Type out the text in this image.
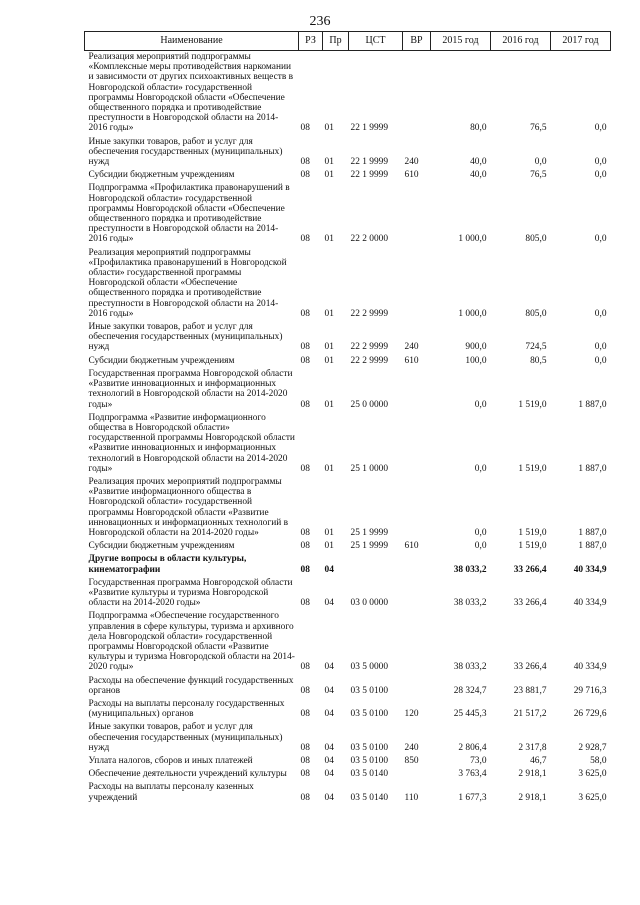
236
Наименование	РЗ	Пр	ЦСТ	ВР	2015 год	2016 год	2017 год
Реализация мероприятий подпрограммы «Комплексные меры противодействия наркомании и зависимости от других психоактивных веществ в Новгородской области» государственной программы Новгородской области «Обеспечение общественного порядка и противодействие преступности в Новгородской области на 2014-2016 годы»	08	01	22 1 9999		80,0	76,5	0,0
Иные закупки товаров, работ и услуг для обеспечения государственных (муниципальных) нужд	08	01	22 1 9999	240	40,0	0,0	0,0
Субсидии бюджетным учреждениям	08	01	22 1 9999	610	40,0	76,5	0,0
Подпрограмма «Профилактика правонарушений в Новгородской области» государственной программы Новгородской области «Обеспечение общественного порядка и противодействие преступности в Новгородской области на 2014-2016 годы»	08	01	22 2 0000		1 000,0	805,0	0,0
Реализация мероприятий подпрограммы «Профилактика правонарушений в Новгородской области» государственной программы Новгородской области «Обеспечение общественного порядка и противодействие преступности в Новгородской области на 2014-2016 годы»	08	01	22 2 9999		1 000,0	805,0	0,0
Иные закупки товаров, работ и услуг для обеспечения государственных (муниципальных) нужд	08	01	22 2 9999	240	900,0	724,5	0,0
Субсидии бюджетным учреждениям	08	01	22 2 9999	610	100,0	80,5	0,0
Государственная программа Новгородской области «Развитие инновационных и информационных технологий в Новгородской области на 2014-2020 годы»	08	01	25 0 0000		0,0	1 519,0	1 887,0
Подпрограмма «Развитие информационного общества в Новгородской области» государственной программы Новгородской области «Развитие инновационных и информационных технологий в Новгородской области на 2014-2020 годы»	08	01	25 1 0000		0,0	1 519,0	1 887,0
Реализация прочих мероприятий подпрограммы «Развитие информационного общества в Новгородской области» государственной программы Новгородской области «Развитие инновационных и информационных технологий в Новгородской области на 2014-2020 годы»	08	01	25 1 9999		0,0	1 519,0	1 887,0
Субсидии бюджетным учреждениям	08	01	25 1 9999	610	0,0	1 519,0	1 887,0
Другие вопросы в области культуры, кинематографии	08	04			38 033,2	33 266,4	40 334,9
Государственная программа Новгородской области «Развитие культуры и туризма Новгородской области на 2014-2020 годы»	08	04	03 0 0000		38 033,2	33 266,4	40 334,9
Подпрограмма «Обеспечение государственного управления в сфере культуры, туризма и архивного дела Новгородской области» государственной программы Новгородской области «Развитие культуры и туризма Новгородской области на 2014-2020 годы»	08	04	03 5 0000		38 033,2	33 266,4	40 334,9
Расходы на обеспечение функций государственных органов	08	04	03 5 0100		28 324,7	23 881,7	29 716,3
Расходы на выплаты персоналу государственных (муниципальных) органов	08	04	03 5 0100	120	25 445,3	21 517,2	26 729,6
Иные закупки товаров, работ и услуг для обеспечения государственных (муниципальных) нужд	08	04	03 5 0100	240	2 806,4	2 317,8	2 928,7
Уплата налогов, сборов и иных платежей	08	04	03 5 0100	850	73,0	46,7	58,0
Обеспечение деятельности учреждений культуры	08	04	03 5 0140		3 763,4	2 918,1	3 625,0
Расходы на выплаты персоналу казенных учреждений	08	04	03 5 0140	110	1 677,3	2 918,1	3 625,0
